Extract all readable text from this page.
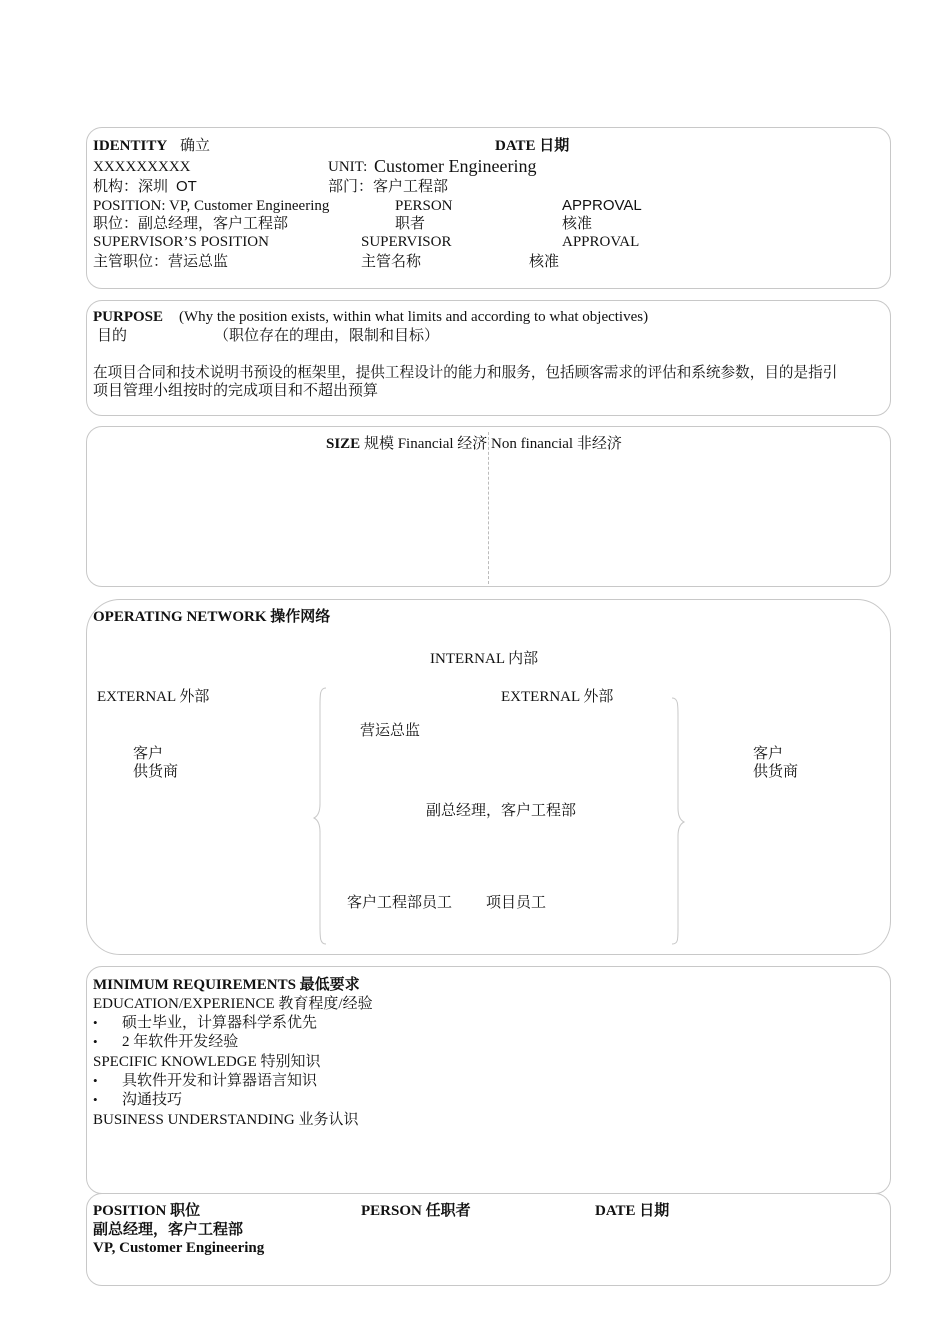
IDENTITY 确立	DATE 日期
XXXXXXXXX	UNIT: Customer Engineering
机构：深圳 OT	部门：客户工程部
POSITION: VP, Customer Engineering	PERSON	APPROVAL
职位：副总经理，客户工程部	职者	核准
SUPERVISOR’S POSITION	SUPERVISOR	APPROVAL
主管职位：营运总监	主管名称	核准
PURPOSE (Why the position exists, within what limits and according to what objectives)
目的	（职位存在的理由，限制和目标）
在项目合同和技术说明书预设的框架里，提供工程设计的能力和服务，包括顾客需求的评估和系统参数，目的是指引
项目管理小组按时的完成项目和不超出预算
SIZE 规模 Financial 经济 Non financial 非经济
OPERATING NETWORK 操作网络
INTERNAL 内部
EXTERNAL 外部	EXTERNAL 外部
客户
供货商
客户
供货商
营运总监
副总经理，客户工程部
客户工程部员工 项目员工
MINIMUM REQUIREMENTS 最低要求
EDUCATION/EXPERIENCE 教育程度/经验
• 硕士毕业，计算器科学系优先
• 2 年软件开发经验
SPECIFIC KNOWLEDGE 特别知识
• 具软件开发和计算器语言知识
• 沟通技巧
BUSINESS UNDERSTANDING 业务认识
POSITION 职位	PERSON 任职者	DATE 日期
副总经理，客户工程部
VP, Customer Engineering
